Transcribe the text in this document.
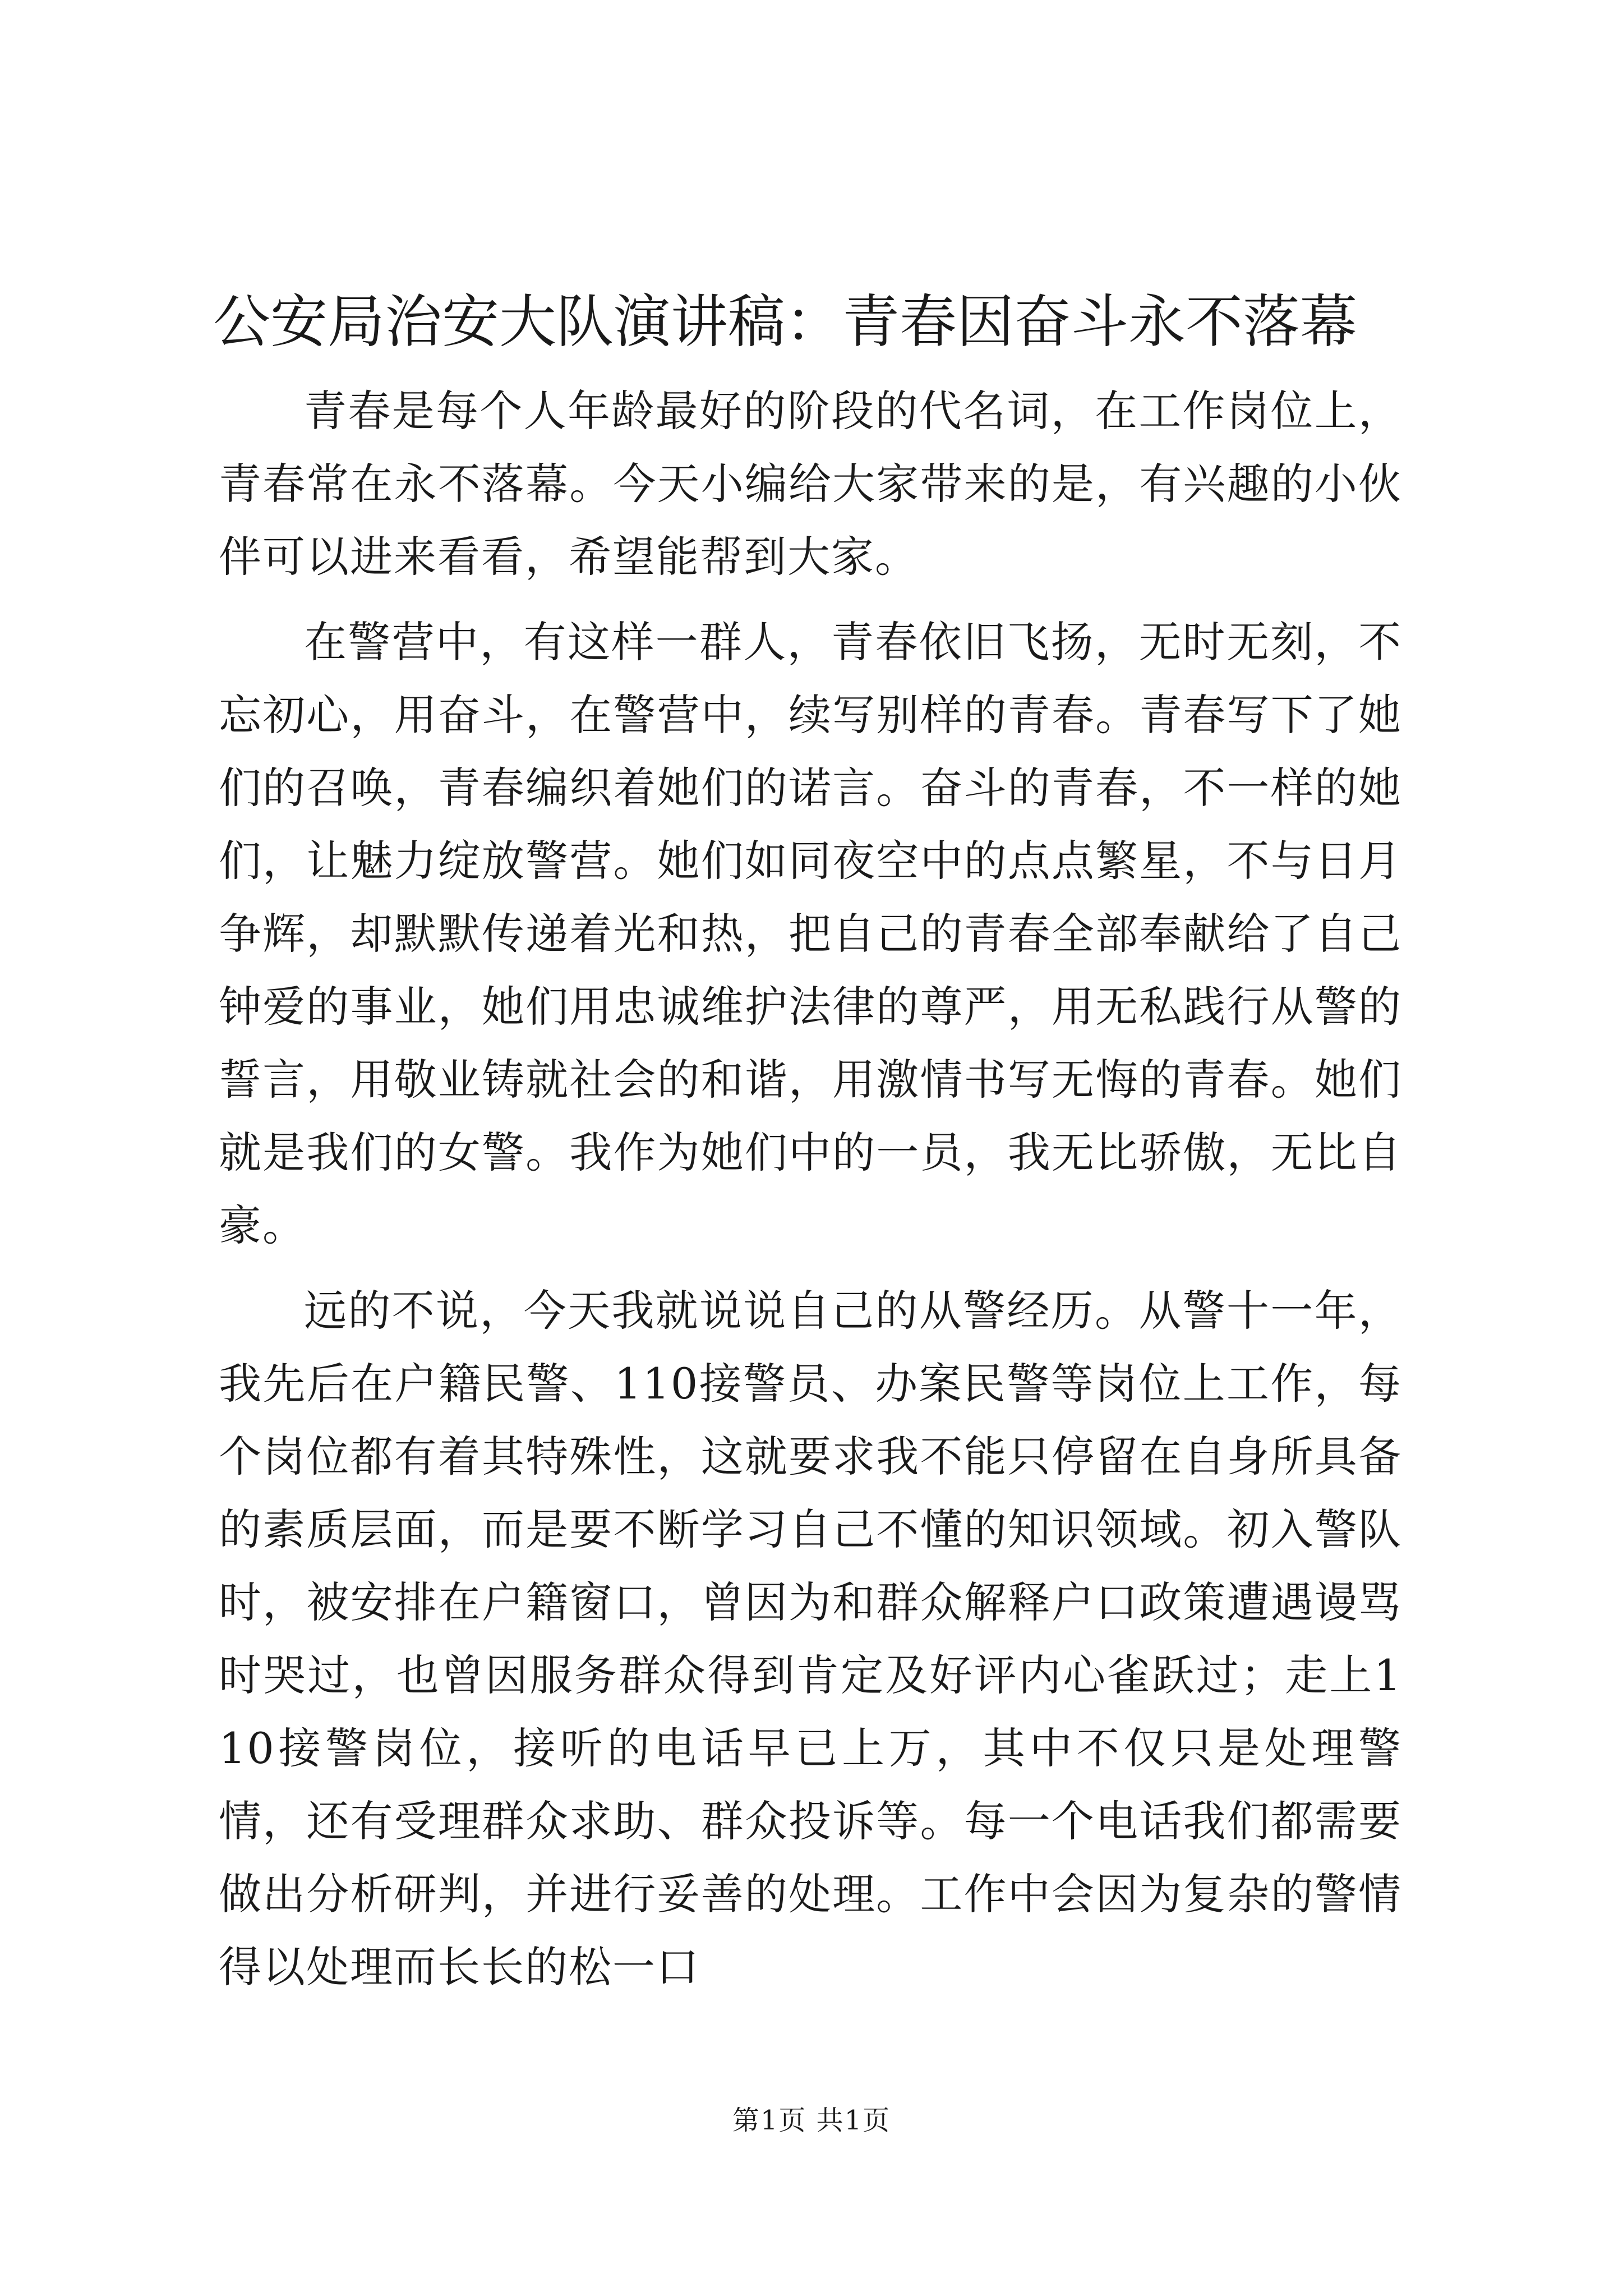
公安局治安大队演讲稿：青春因奋斗永不落幕

青春是每个人年龄最好的阶段的代名词，在工作岗位上，青春常在永不落幕。今天小编给大家带来的是，有兴趣的小伙伴可以进来看看，希望能帮到大家。

在警营中，有这样一群人，青春依旧飞扬，无时无刻，不忘初心，用奋斗，在警营中，续写别样的青春。青春写下了她们的召唤，青春编织着她们的诺言。奋斗的青春，不一样的她们，让魅力绽放警营。她们如同夜空中的点点繁星，不与日月争辉，却默默传递着光和热，把自己的青春全部奉献给了自己钟爱的事业，她们用忠诚维护法律的尊严，用无私践行从警的誓言，用敬业铸就社会的和谐，用激情书写无悔的青春。她们就是我们的女警。我作为她们中的一员，我无比骄傲，无比自豪。

远的不说，今天我就说说自己的从警经历。从警十一年，我先后在户籍民警、110接警员、办案民警等岗位上工作，每个岗位都有着其特殊性，这就要求我不能只停留在自身所具备的素质层面，而是要不断学习自己不懂的知识领域。初入警队时，被安排在户籍窗口，曾因为和群众解释户口政策遭遇谩骂时哭过，也曾因服务群众得到肯定及好评内心雀跃过；走上110接警岗位，接听的电话早已上万，其中不仅只是处理警情，还有受理群众求助、群众投诉等。每一个电话我们都需要做出分析研判，并进行妥善的处理。工作中会因为复杂的警情得以处理而长长的松一口

第1页 共1页
